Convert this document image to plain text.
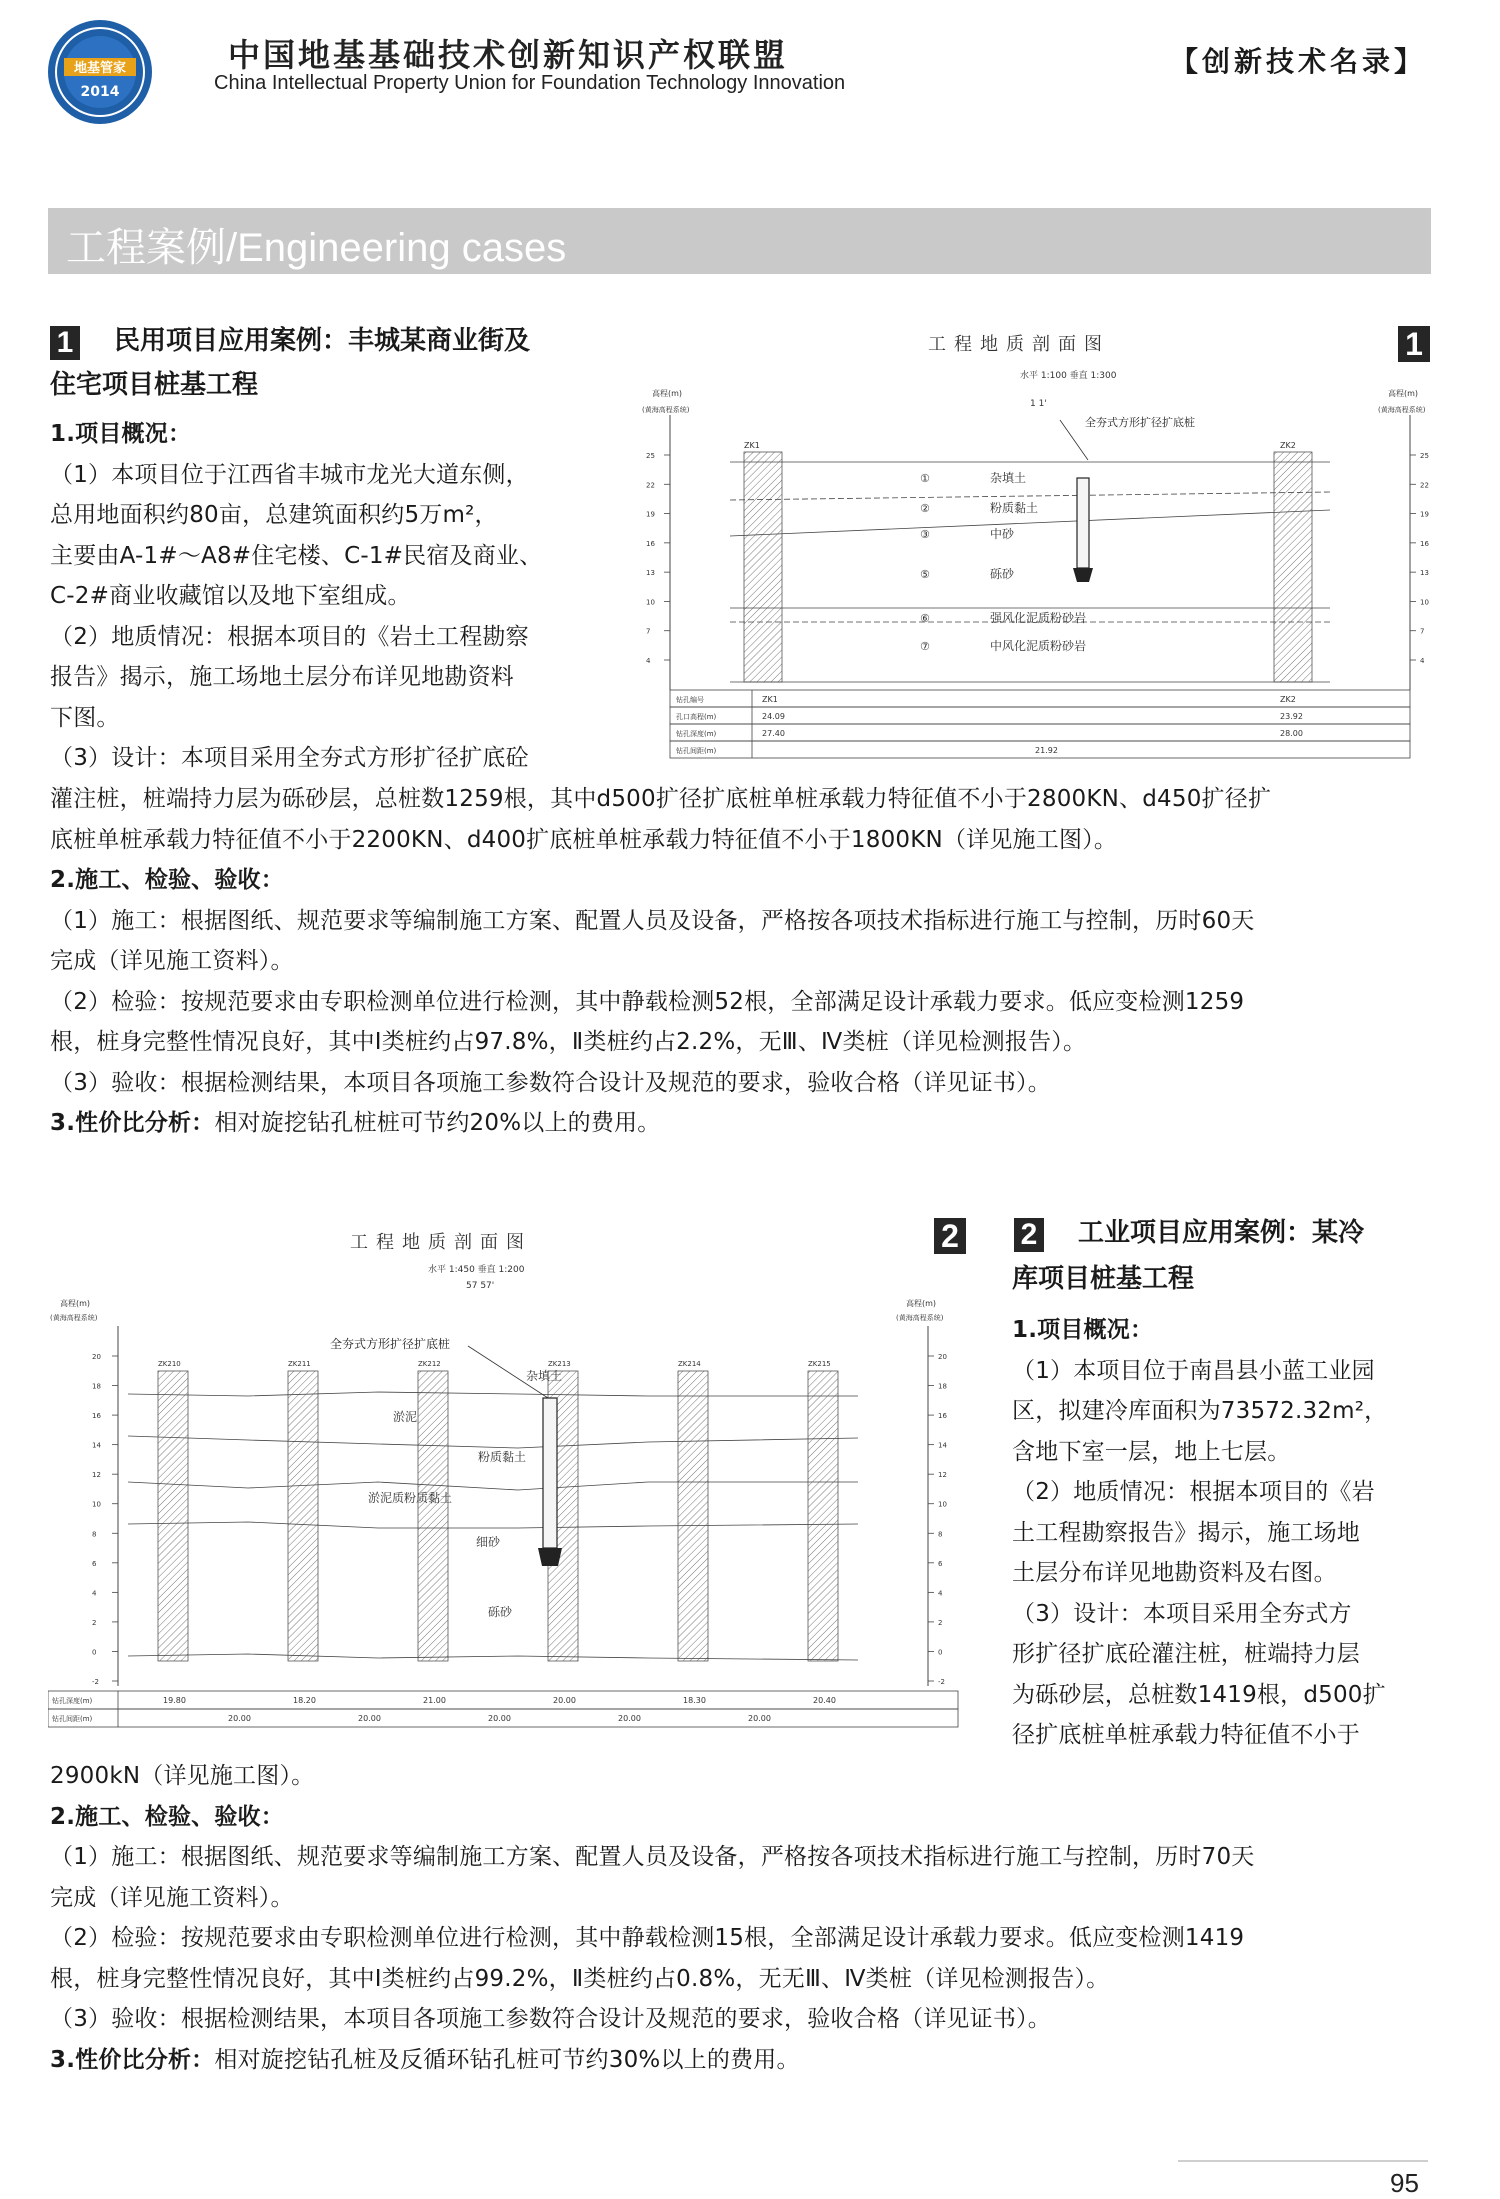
地基管家
2014
中国地基基础技术创新知识产权联盟
China Intellectual Property Union for Foundation Technology Innovation
【创新技术名录】
工程案例/Engineering cases
1 民用项目应用案例：丰城某商业街及
住宅项目桩基工程

1.项目概况：

（1）本项目位于江西省丰城市龙光大道东侧，

总用地面积约80亩，总建筑面积约5万m²，

主要由A-1#～A8#住宅楼、C-1#民宿及商业、

C-2#商业收藏馆以及地下室组成。

（2）地质情况：根据本项目的《岩土工程勘察

报告》揭示，施工场地土层分布详见地勘资料

下图。

（3）设计：本项目采用全夯式方形扩径扩底砼

灌注桩，桩端持力层为砾砂层，总桩数1259根，其中d500扩径扩底桩单桩承载力特征值不小于2800KN、d450扩径扩

底桩单桩承载力特征值不小于2200KN、d400扩底桩单桩承载力特征值不小于1800KN（详见施工图）。

2.施工、检验、验收：

（1）施工：根据图纸、规范要求等编制施工方案、配置人员及设备，严格按各项技术指标进行施工与控制，历时60天

完成（详见施工资料）。

（2）检验：按规范要求由专职检测单位进行检测，其中静载检测52根，全部满足设计承载力要求。低应变检测1259

根，桩身完整性情况良好，其中Ⅰ类桩约占97.8%，Ⅱ类桩约占2.2%，无Ⅲ、Ⅳ类桩（详见检测报告）。

（3）验收：根据检测结果，本项目各项施工参数符合设计及规范的要求，验收合格（详见证书）。

3.性价比分析：相对旋挖钻孔桩桩可节约20%以上的费用。

工程地质剖面图	1
水平 1:100 垂直 1:300
1 1'
高程(m)
(黄海高程系统)
高程(m)
(黄海高程系统)
25	25
22	22
19	19
16	16
13	13
10	10
7	7
4	4
ZK1	ZK2
全夯式方形扩径扩底桩
①	杂填土
②	粉质黏土
③	中砂
⑤	砾砂
⑥	强风化泥质粉砂岩
⑦	中风化泥质粉砂岩
钻孔编号	ZK1	ZK2
孔口高程(m)	24.09	23.92
钻孔深度(m)	27.40	28.00
钻孔间距(m)	21.92
工程地质剖面图	2
水平 1:450 垂直 1:200
57 57'
高程(m)
(黄海高程系统)
高程(m)
(黄海高程系统)
20	20
18	18
16	16
14	14
12	12
10	10
8	8
6	6
4	4
2	2
0	0
-2	-2
ZK210	ZK211	ZK212	ZK213	ZK214	ZK215
全夯式方形扩径扩底桩
杂填土
淤泥
粉质黏土
淤泥质粉质黏土
细砂
砾砂
钻孔深度(m)	19.80	18.20	21.00	20.00	18.30	20.40
钻孔间距(m)	20.00	20.00	20.00	20.00	20.00
2 工业项目应用案例：某冷
库项目桩基工程

1.项目概况：

（1）本项目位于南昌县小蓝工业园

区，拟建冷库面积为73572.32m²，

含地下室一层，地上七层。

（2）地质情况：根据本项目的《岩

土工程勘察报告》揭示，施工场地

土层分布详见地勘资料及右图。

（3）设计：本项目采用全夯式方

形扩径扩底砼灌注桩，桩端持力层

为砾砂层，总桩数1419根，d500扩

径扩底桩单桩承载力特征值不小于

2900kN（详见施工图）。

2.施工、检验、验收：

（1）施工：根据图纸、规范要求等编制施工方案、配置人员及设备，严格按各项技术指标进行施工与控制，历时70天

完成（详见施工资料）。

（2）检验：按规范要求由专职检测单位进行检测，其中静载检测15根，全部满足设计承载力要求。低应变检测1419

根，桩身完整性情况良好，其中Ⅰ类桩约占99.2%，Ⅱ类桩约占0.8%，无无Ⅲ、Ⅳ类桩（详见检测报告）。

（3）验收：根据检测结果，本项目各项施工参数符合设计及规范的要求，验收合格（详见证书）。

3.性价比分析：相对旋挖钻孔桩及反循环钻孔桩可节约30%以上的费用。

95
